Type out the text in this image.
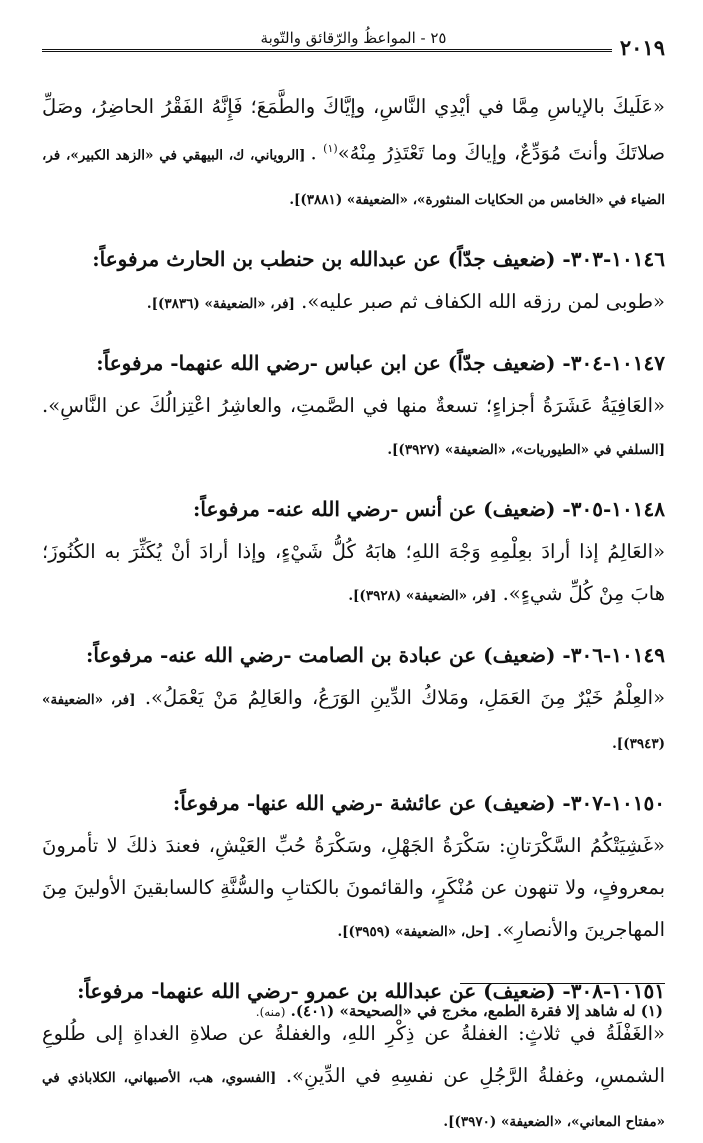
٢٠١٩
٢٥ - المواعظُ والرّقائق والتّوبة

«عَلَيكَ بالإياسِ مِمَّا في أيْدِي النَّاسِ، وإيَّاكَ والطَّمَعَ؛ فَإِنَّهُ الفَقْرُ الحاضِرُ، وصَلِّ صلاتَكَ وأنتَ مُوَدِّعٌ، وإياكَ وما تَعْتَذِرُ مِنْهُ»$^{(١)}$ . [الروياني، ك، البيهقي في «الزهد الكبير»، فر، الضياء في «الخامس من الحكايات المنثورة»، «الضعيفة» (٣٨٨١)].

١٠١٤٦-٣٠٣- (ضعيف جدّاً) عن عبدالله بن حنطب بن الحارث مرفوعاً:

«طوبى لمن رزقه الله الكفاف ثم صبر عليه». [فر، «الضعيفة» (٣٨٣٦)].

١٠١٤٧-٣٠٤- (ضعيف جدّاً) عن ابن عباس -رضي الله عنهما- مرفوعاً:

«العَافِيَةُ عَشَرَةُ أجزاءٍ؛ تسعةٌ منها في الصَّمتِ، والعاشِرُ اعْتِزالُكَ عن النَّاسِ». [السلفي في «الطيوريات»، «الضعيفة» (٣٩٢٧)].

١٠١٤٨-٣٠٥- (ضعيف) عن أنس -رضي الله عنه- مرفوعاً:

«العَالِمُ إذا أرادَ بعِلْمِهِ وَجْهَ اللهِ؛ هابَهُ كُلُّ شَيْءٍ، وإذا أرادَ أنْ يُكَثِّرَ به الكُنُوزَ؛ هابَ مِنْ كُلِّ شيءٍ». [فر، «الضعيفة» (٣٩٢٨)].

١٠١٤٩-٣٠٦- (ضعيف) عن عبادة بن الصامت -رضي الله عنه- مرفوعاً:

«العِلْمُ خَيْرٌ مِنَ العَمَلِ، ومَلاكُ الدِّينِ الوَرَعُ، والعَالِمُ مَنْ يَعْمَلُ». [فر، «الضعيفة» (٣٩٤٣)].

١٠١٥٠-٣٠٧- (ضعيف) عن عائشة -رضي الله عنها- مرفوعاً:

«غَشِيَتْكُمُ السَّكْرَتانِ: سَكْرَةُ الجَهْلِ، وسَكْرَةُ حُبِّ العَيْشِ، فعندَ ذلكَ لا تأمرونَ بمعروفٍ، ولا تنهون عن مُنْكَرٍ، والقائمونَ بالكتابِ والسُّنَّةِ كالسابقينَ الأولينَ مِنَ المهاجرينَ والأنصارِ». [حل، «الضعيفة» (٣٩٥٩)].

١٠١٥١-٣٠٨- (ضعيف) عن عبدالله بن عمرو -رضي الله عنهما- مرفوعاً:

«الغَفْلَةُ في ثلاثٍ: الغفلةُ عن ذِكْرِ اللهِ، والغفلةُ عن صلاةِ الغداةِ إلى طُلوعِ الشمسِ، وغفلةُ الرَّجُلِ عن نفسِهِ في الدِّينِ». [الفسوي، هب، الأصبهاني، الكلاباذي في «مفتاح المعاني»، «الضعيفة» (٣٩٧٠)].

(١) له شاهد إلا فقرة الطمع، مخرج في «الصحيحة» (٤٠١). (منه).
